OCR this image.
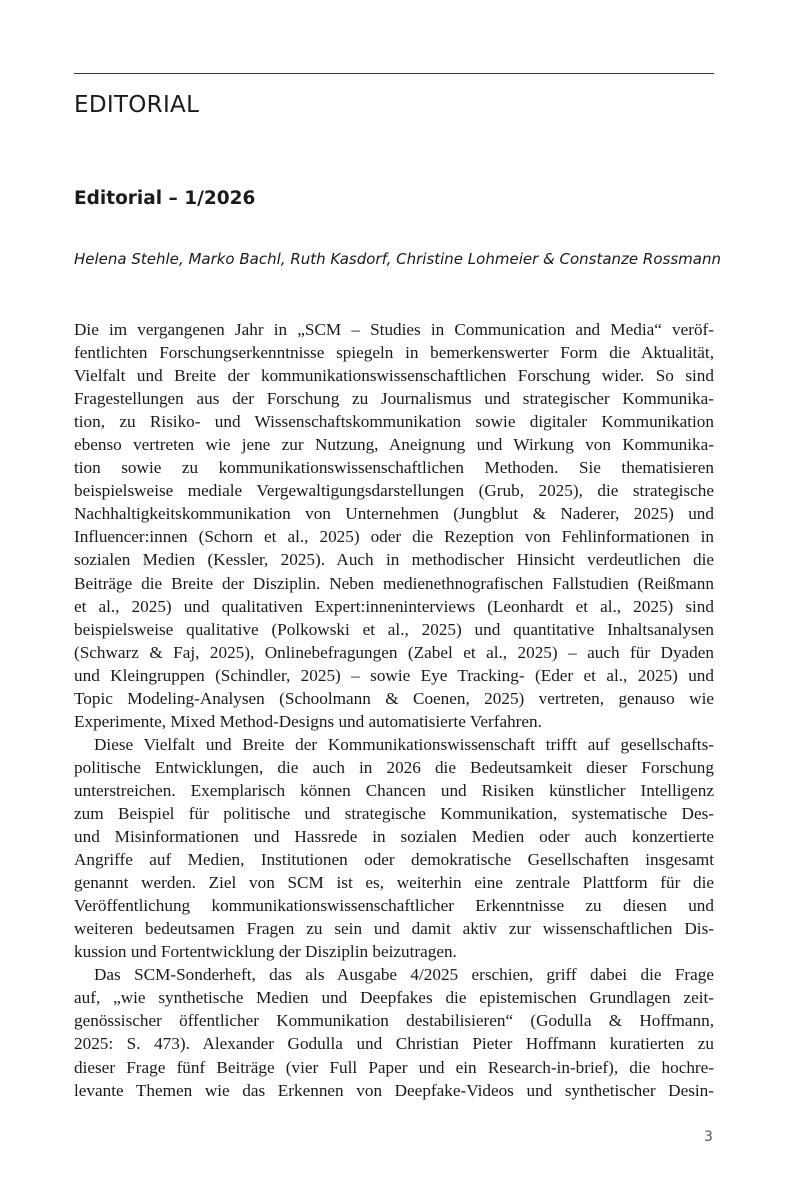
EDITORIAL
Editorial – 1/2026
Helena Stehle, Marko Bachl, Ruth Kasdorf, Christine Lohmeier & Constanze Rossmann

Die im vergangenen Jahr in „SCM – Studies in Communication and Media“ veröf-
fentlichten Forschungserkenntnisse spiegeln in bemerkenswerter Form die Aktualität,
Vielfalt und Breite der kommunikationswissenschaftlichen Forschung wider. So sind
Fragestellungen aus der Forschung zu Journalismus und strategischer Kommunika-
tion, zu Risiko- und Wissenschaftskommunikation sowie digitaler Kommunikation
ebenso vertreten wie jene zur Nutzung, Aneignung und Wirkung von Kommunika-
tion sowie zu kommunikationswissenschaftlichen Methoden. Sie thematisieren
beispielsweise mediale Vergewaltigungsdarstellungen (Grub, 2025), die strategische
Nachhaltigkeitskommunikation von Unternehmen (Jungblut & Naderer, 2025) und
Influencer:innen (Schorn et al., 2025) oder die Rezeption von Fehlinformationen in
sozialen Medien (Kessler, 2025). Auch in methodischer Hinsicht verdeutlichen die
Beiträge die Breite der Disziplin. Neben medienethnografischen Fallstudien (Reißmann
et al., 2025) und qualitativen Expert:inneninterviews (Leonhardt et al., 2025) sind
beispielsweise qualitative (Polkowski et al., 2025) und quantitative Inhaltsanalysen
(Schwarz & Faj, 2025), Onlinebefragungen (Zabel et al., 2025) – auch für Dyaden
und Kleingruppen (Schindler, 2025) – sowie Eye Tracking- (Eder et al., 2025) und
Topic Modeling-Analysen (Schoolmann & Coenen, 2025) vertreten, genauso wie
Experimente, Mixed Method-Designs und automatisierte Verfahren.

Diese Vielfalt und Breite der Kommunikationswissenschaft trifft auf gesellschafts-
politische Entwicklungen, die auch in 2026 die Bedeutsamkeit dieser Forschung
unterstreichen. Exemplarisch können Chancen und Risiken künstlicher Intelligenz
zum Beispiel für politische und strategische Kommunikation, systematische Des-
und Misinformationen und Hassrede in sozialen Medien oder auch konzertierte
Angriffe auf Medien, Institutionen oder demokratische Gesellschaften insgesamt
genannt werden. Ziel von SCM ist es, weiterhin eine zentrale Plattform für die
Veröffentlichung kommunikationswissenschaftlicher Erkenntnisse zu diesen und
weiteren bedeutsamen Fragen zu sein und damit aktiv zur wissenschaftlichen Dis-
kussion und Fortentwicklung der Disziplin beizutragen.

Das SCM-Sonderheft, das als Ausgabe 4/2025 erschien, griff dabei die Frage
auf, „wie synthetische Medien und Deepfakes die epistemischen Grundlagen zeit-
genössischer öffentlicher Kommunikation destabilisieren“ (Godulla & Hoffmann,
2025: S. 473). Alexander Godulla und Christian Pieter Hoffmann kuratierten zu
dieser Frage fünf Beiträge (vier Full Paper und ein Research-in-brief), die hochre-
levante Themen wie das Erkennen von Deepfake-Videos und synthetischer Desin-

3
